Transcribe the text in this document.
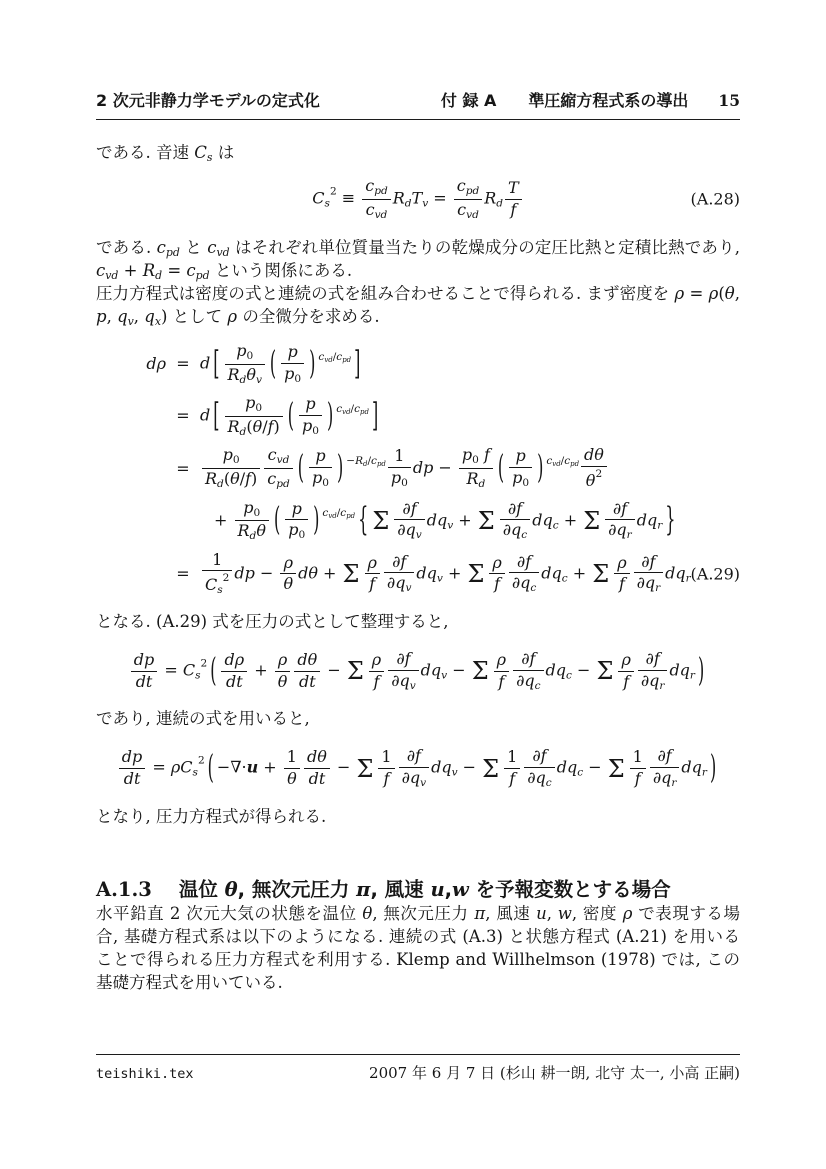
2 次元非静力学モデルの定式化	付 録 A　　準圧縮方程式系の導出 15

である. 音速 Cs は

$Cs^2 \equiv \frac{\text{cpd}}{\text{cvd}}$ RdTv = $\frac{\text{cpd}}{\text{cvd}}$ Rd $\frac{T}{f}$	(A.28)

である. cpd と cvd はそれぞれ単位質量当たりの乾燥成分の定圧比熱と定積比熱であり, cvd + Rd = cpd という関係にある.

圧力方程式は密度の式と連続の式を組み合わせることで得られる. まず密度を ρ = ρ(θ, p, qv, qx) として ρ の全微分を求める.

dρ = d [ $\frac{p0}{\text{Rdθv}}$ ( $\frac{p}{p0}$ ) $^{cvd/cpd}$ ]
= d [ $\frac{p0}{Rd(\theta/f)}$ ( $\frac{p}{p0}$ ) $^{cvd/cpd}$ ]
= $\frac{p0}{Rd(\theta/f)} \frac{\text{cvd}}{\text{cpd}}$ ( $\frac{p}{p0}$ ) $^{-Rd/cpd} \frac{1}{p0}$ dp − $\frac{p0 f}{Rd}$ ( $\frac{p}{p0}$ ) $^{cvd/cpd} \frac{d\theta}{\theta^2}$
+ $\frac{p0}{\text{Rdθ}}$ ( $\frac{p}{p0}$ ) $^{cvd/cpd}$ { Σ $\frac{\partial f}{\partial qv}$ dqv + Σ $\frac{\partial f}{\partial qc}$ dqc + Σ $\frac{\partial f}{\partial qr}$ dqr }
= $\frac{1}{Cs^2}$ dp − $\frac{\rho}{\theta}$ dθ + Σ $\frac{\rho}{f} \frac{\partial f}{\partial qv}$ dqv + Σ $\frac{\rho}{f} \frac{\partial f}{\partial qc}$ dqc + Σ $\frac{\rho}{f} \frac{\partial f}{\partial qr}$ dqr (A.29)

となる. (A.29) 式を圧力の式として整理すると,

$\frac{dp}{dt} = Cs^2$ ( $\frac{d\rho}{dt} + \frac{\rho}{\theta} \frac{d\theta}{dt} - \Sigma \frac{\rho}{f} \frac{\partial f}{\partial qv}$ dqv − Σ $\frac{\rho}{f} \frac{\partial f}{\partial qc}$ dqc − Σ $\frac{\rho}{f} \frac{\partial f}{\partial qr}$ dqr )

であり, 連続の式を用いると,

$\frac{dp}{dt} = \rho Cs^2$ ( $-\nabla\cdot u + \frac{1}{\theta} \frac{d\theta}{dt} - \Sigma \frac{1}{f} \frac{\partial f}{\partial qv}$ dqv − Σ $\frac{1}{f} \frac{\partial f}{\partial qc}$ dqc − Σ $\frac{1}{f} \frac{\partial f}{\partial qr}$ dqr )

となり, 圧力方程式が得られる.

A.1.3 温位 θ, 無次元圧力 π, 風速 u,w を予報変数とする場合

水平鉛直 2 次元大気の状態を温位 θ, 無次元圧力 π, 風速 u, w, 密度 ρ で表現する場合, 基礎方程式系は以下のようになる. 連続の式 (A.3) と状態方程式 (A.21) を用いることで得られる圧力方程式を利用する. Klemp and Willhelmson (1978) では, この基礎方程式を用いている.

teishiki.tex	2007 年 6 月 7 日 (杉山 耕一朗, 北守 太一, 小高 正嗣)
